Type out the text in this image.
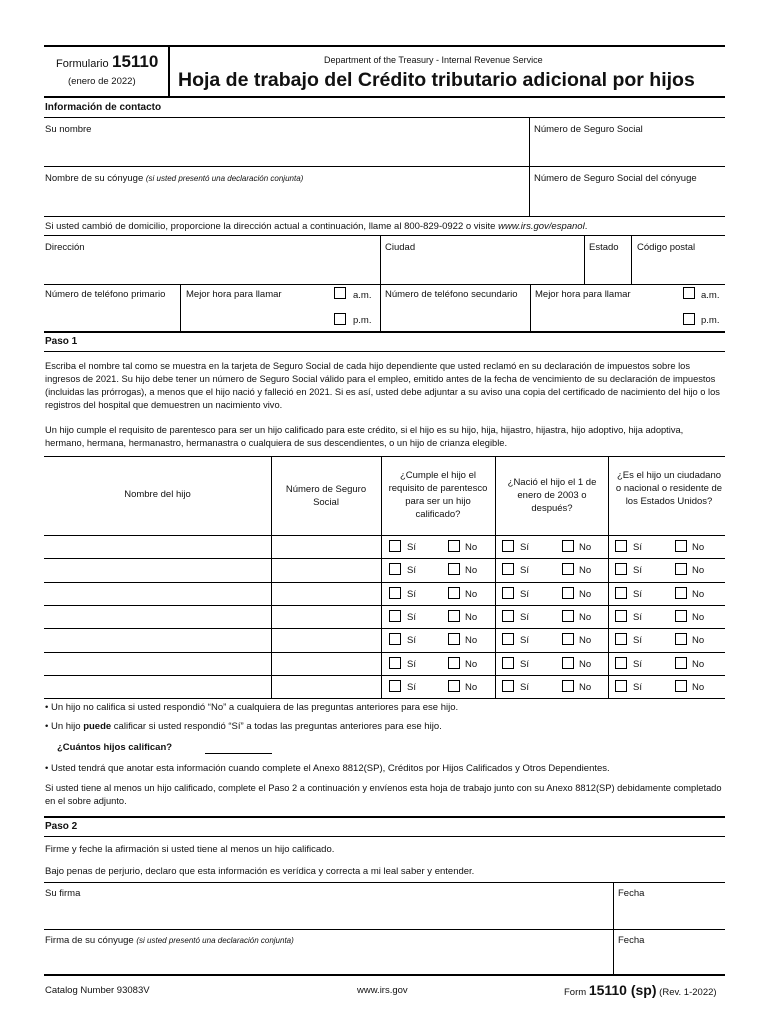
Formulario 15110
(enero de 2022)
Department of the Treasury - Internal Revenue Service
Hoja de trabajo del Crédito tributario adicional por hijos
Información de contacto
Su nombre	Número de Seguro Social
Nombre de su cónyuge (si usted presentó una declaración conjunta)	Número de Seguro Social del cónyuge
Si usted cambió de domicilio, proporcione la dirección actual a continuación, llame al 800-829-0922 o visite www.irs.gov/espanol.
Dirección	Ciudad	Estado Código postal
Número de teléfono primario Mejor hora para llamar	a.m.
p.m.
Número de teléfono secundario Mejor hora para llamar	a.m.
p.m.
Paso 1
Escriba el nombre tal como se muestra en la tarjeta de Seguro Social de cada hijo dependiente que usted reclamó en su declaración de impuestos sobre los ingresos de 2021. Su hijo debe tener un número de Seguro Social válido para el empleo, emitido antes de la fecha de vencimiento de su declaración de impuestos (incluidas las prórrogas), a menos que el hijo nació y falleció en 2021. Si es así, usted debe adjuntar a su aviso una copia del certificado de nacimiento del hijo o los registros del hospital que demuestren un nacimiento vivo.
Un hijo cumple el requisito de parentesco para ser un hijo calificado para este crédito, si el hijo es su hijo, hija, hijastro, hijastra, hijo adoptivo, hija adoptiva, hermano, hermana, hermanastro, hermanastra o cualquiera de sus descendientes, o un hijo de crianza elegible.
Nombre del hijo	Número de Seguro Social
¿Cumple el hijo el requisito de parentesco para ser un hijo calificado?
¿Nació el hijo el 1 de enero de 2003 o después?
¿Es el hijo un ciudadano o nacional o residente de los Estados Unidos?
Sí	No	Sí	No	Sí	No
Sí	No	Sí	No	Sí	No
Sí	No	Sí	No	Sí	No
Sí	No	Sí	No	Sí	No
Sí	No	Sí	No	Sí	No
Sí	No	Sí	No	Sí	No
Sí	No	Sí	No	Sí	No
• Un hijo no califica si usted respondió “No” a cualquiera de las preguntas anteriores para ese hijo.
• Un hijo puede calificar si usted respondió “Sí” a todas las preguntas anteriores para ese hijo.
¿Cuántos hijos califican?
• Usted tendrá que anotar esta información cuando complete el Anexo 8812(SP), Créditos por Hijos Calificados y Otros Dependientes.
Si usted tiene al menos un hijo calificado, complete el Paso 2 a continuación y envíenos esta hoja de trabajo junto con su Anexo 8812(SP) debidamente completado en el sobre adjunto.
Paso 2
Firme y feche la afirmación si usted tiene al menos un hijo calificado.
Bajo penas de perjurio, declaro que esta información es verídica y correcta a mi leal saber y entender.
Su firma	Fecha
Firma de su cónyuge (si usted presentó una declaración conjunta)	Fecha
Catalog Number 93083V	www.irs.gov	Form 15110 (sp) (Rev. 1-2022)
